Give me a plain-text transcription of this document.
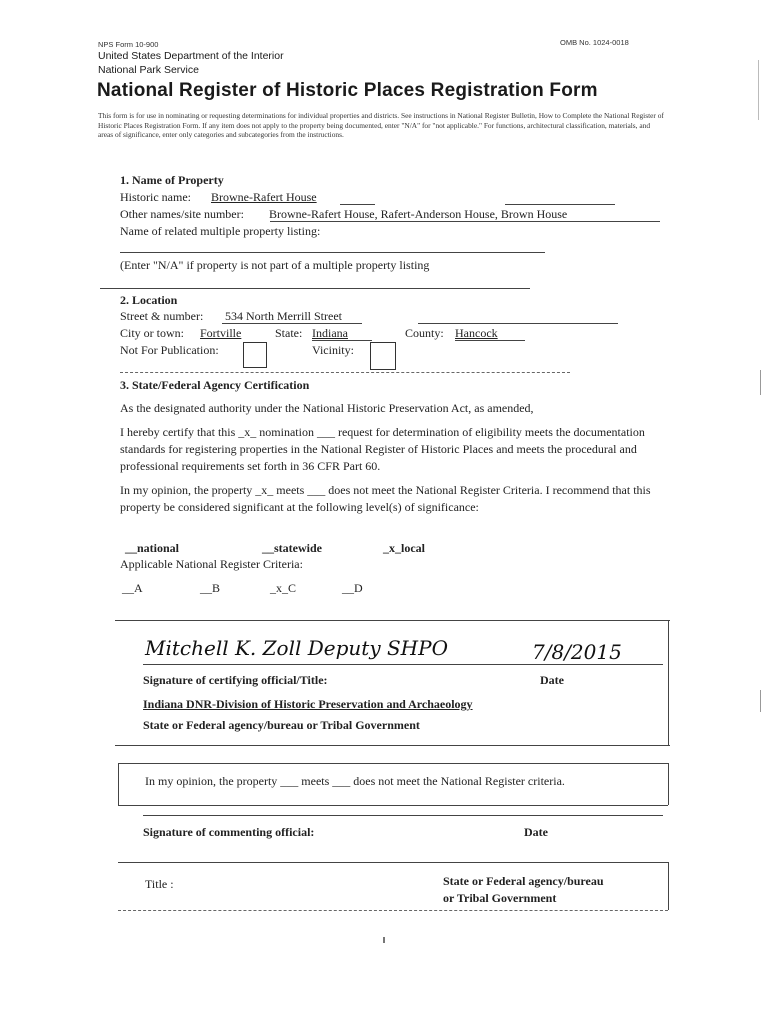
NPS Form 10-900	OMB No. 1024-0018
United States Department of the Interior
National Park Service
National Register of Historic Places Registration Form
This form is for use in nominating or requesting determinations for individual properties and districts. See instructions in National Register Bulletin, How to Complete the National Register of Historic Places Registration Form. If any item does not apply to the property being documented, enter "N/A" for "not applicable." For functions, architectural classification, materials, and areas of significance, enter only categories and subcategories from the instructions.
1. Name of Property
Historic name: Browne-Rafert House
Other names/site number: Browne-Rafert House, Rafert-Anderson House, Brown House
Name of related multiple property listing:
(Enter "N/A" if property is not part of a multiple property listing
2. Location
Street & number: 534 North Merrill Street
City or town: Fortville	State: Indiana	County: Hancock
Not For Publication:	Vicinity:
3. State/Federal Agency Certification
As the designated authority under the National Historic Preservation Act, as amended,
I hereby certify that this _x_ nomination ___ request for determination of eligibility meets the documentation standards for registering properties in the National Register of Historic Places and meets the procedural and professional requirements set forth in 36 CFR Part 60.
In my opinion, the property _x_ meets ___ does not meet the National Register Criteria. I recommend that this property be considered significant at the following level(s) of significance:
__national	__statewide	_x_local
Applicable National Register Criteria:
__A	__B	_x_C	__D
Mitchell K. Zoll Deputy SHPO	7/8/2015
Signature of certifying official/Title:	Date
Indiana DNR-Division of Historic Preservation and Archaeology
State or Federal agency/bureau or Tribal Government
In my opinion, the property ___ meets ___ does not meet the National Register criteria.
Signature of commenting official:	Date
Title :	State or Federal agency/bureau
or Tribal Government
